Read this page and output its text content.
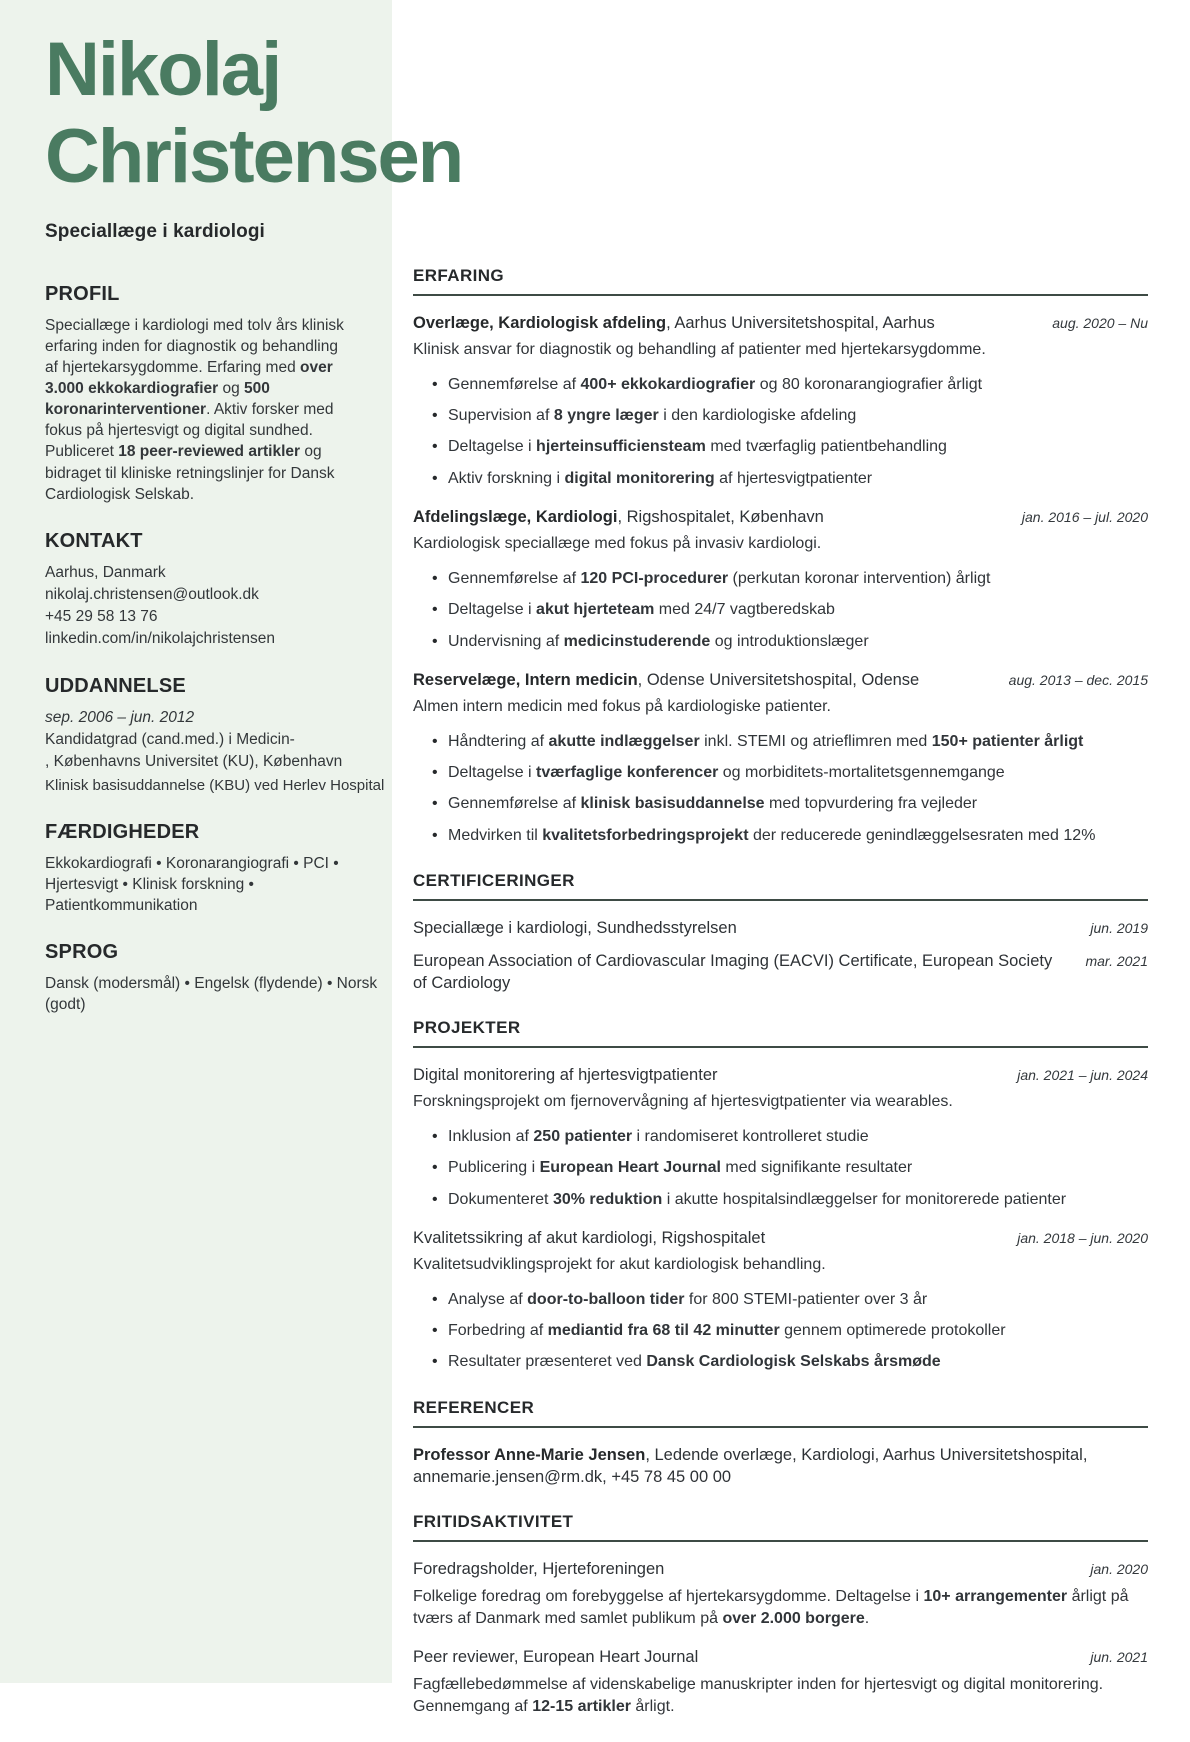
Nikolaj Christensen
Speciallæge i kardiologi
PROFIL
Speciallæge i kardiologi med tolv års klinisk erfaring inden for diagnostik og behandling af hjertekarsygdomme. Erfaring med over 3.000 ekkokardiografier og 500 koronarinterventioner. Aktiv forsker med fokus på hjertesvigt og digital sundhed. Publiceret 18 peer-reviewed artikler og bidraget til kliniske retningslinjer for Dansk Cardiologisk Selskab.
KONTAKT
Aarhus, Danmark
nikolaj.christensen@outlook.dk
+45 29 58 13 76
linkedin.com/in/nikolajchristensen
UDDANNELSE
sep. 2006 – jun. 2012
Kandidatgrad (cand.med.) i Medicin-
, Københavns Universitet (KU), København
Klinisk basisuddannelse (KBU) ved Herlev Hospital
FÆRDIGHEDER
Ekkokardiografi • Koronarangiografi • PCI • Hjertesvigt • Klinisk forskning • Patientkommunikation
SPROG
Dansk (modersmål) • Engelsk (flydende) • Norsk (godt)
ERFARING
Overlæge, Kardiologisk afdeling, Aarhus Universitetshospital, Aarhus	aug. 2020 – Nu
Klinisk ansvar for diagnostik og behandling af patienter med hjertekarsygdomme.
• Gennemførelse af 400+ ekkokardiografier og 80 koronarangiografier årligt
• Supervision af 8 yngre læger i den kardiologiske afdeling
• Deltagelse i hjerteinsufficiensteam med tværfaglig patientbehandling
• Aktiv forskning i digital monitorering af hjertesvigtpatienter
Afdelingslæge, Kardiologi, Rigshospitalet, København	jan. 2016 – jul. 2020
Kardiologisk speciallæge med fokus på invasiv kardiologi.
• Gennemførelse af 120 PCI-procedurer (perkutan koronar intervention) årligt
• Deltagelse i akut hjerteteam med 24/7 vagtberedskab
• Undervisning af medicinstuderende og introduktionslæger
Reservelæge, Intern medicin, Odense Universitetshospital, Odense	aug. 2013 – dec. 2015
Almen intern medicin med fokus på kardiologiske patienter.
• Håndtering af akutte indlæggelser inkl. STEMI og atrieflimren med 150+ patienter årligt
• Deltagelse i tværfaglige konferencer og morbiditets-mortalitetsgennemgange
• Gennemførelse af klinisk basisuddannelse med topvurdering fra vejleder
• Medvirken til kvalitetsforbedringsprojekt der reducerede genindlæggelsesraten med 12%
CERTIFICERINGER
Speciallæge i kardiologi, Sundhedsstyrelsen	jun. 2019
European Association of Cardiovascular Imaging (EACVI) Certificate, European Society of Cardiology
mar. 2021
PROJEKTER
Digital monitorering af hjertesvigtpatienter	jan. 2021 – jun. 2024
Forskningsprojekt om fjernovervågning af hjertesvigtpatienter via wearables.
• Inklusion af 250 patienter i randomiseret kontrolleret studie
• Publicering i European Heart Journal med signifikante resultater
• Dokumenteret 30% reduktion i akutte hospitalsindlæggelser for monitorerede patienter
Kvalitetssikring af akut kardiologi, Rigshospitalet	jan. 2018 – jun. 2020
Kvalitetsudviklingsprojekt for akut kardiologisk behandling.
• Analyse af door-to-balloon tider for 800 STEMI-patienter over 3 år
• Forbedring af mediantid fra 68 til 42 minutter gennem optimerede protokoller
• Resultater præsenteret ved Dansk Cardiologisk Selskabs årsmøde
REFERENCER
Professor Anne-Marie Jensen, Ledende overlæge, Kardiologi, Aarhus Universitetshospital, annemarie.jensen@rm.dk, +45 78 45 00 00
FRITIDSAKTIVITET
Foredragsholder, Hjerteforeningen	jan. 2020
Folkelige foredrag om forebyggelse af hjertekarsygdomme. Deltagelse i 10+ arrangementer årligt på tværs af Danmark med samlet publikum på over 2.000 borgere.
Peer reviewer, European Heart Journal	jun. 2021
Fagfællebedømmelse af videnskabelige manuskripter inden for hjertesvigt og digital monitorering. Gennemgang af 12-15 artikler årligt.
